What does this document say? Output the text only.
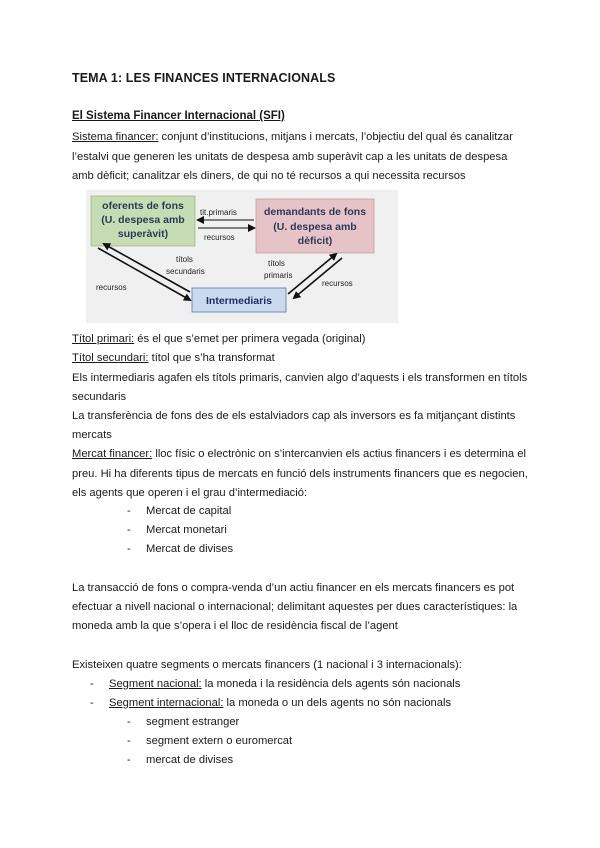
TEMA 1: LES FINANCES INTERNACIONALS
El Sistema Financer Internacional (SFI)
Sistema financer: conjunt d’institucions, mitjans i mercats, l’objectiu del qual és canalitzar
l’estalvi que generen les unitats de despesa amb superàvit cap a les unitats de despesa
amb dèficit; canalitzar els diners, de qui no té recursos a qui necessita recursos
oferents de fons
(U. despesa amb
superàvit)
demandants de fons
(U. despesa amb
dèficit)
Intermediaris
tit.primaris
recursos
títols
secundaris
recursos
títols
primaris
recursos
Títol primari: és el que s’emet per primera vegada (original)
Títol secundari: títol que s’ha transformat
Els intermediaris agafen els títols primaris, canvien algo d’aquests i els transformen en títols
secundaris
La transferència de fons des de els estalviadors cap als inversors es fa mitjançant distints
mercats
Mercat financer: lloc físic o electrònic on s’intercanvien els actius financers i es determina el
preu. Hi ha diferents tipus de mercats en funció dels instruments financers que es negocien,
els agents que operen i el grau d’intermediació:
- Mercat de capital
- Mercat monetari
- Mercat de divises
La transacció de fons o compra-venda d’un actiu financer en els mercats financers es pot
efectuar a nivell nacional o internacional; delimitant aquestes per dues característiques: la
moneda amb la que s’opera i el lloc de residència fiscal de l’agent
Existeixen quatre segments o mercats financers (1 nacional i 3 internacionals):
- Segment nacional: la moneda i la residència dels agents són nacionals
- Segment internacional: la moneda o un dels agents no són nacionals
- segment estranger
- segment extern o euromercat
- mercat de divises
